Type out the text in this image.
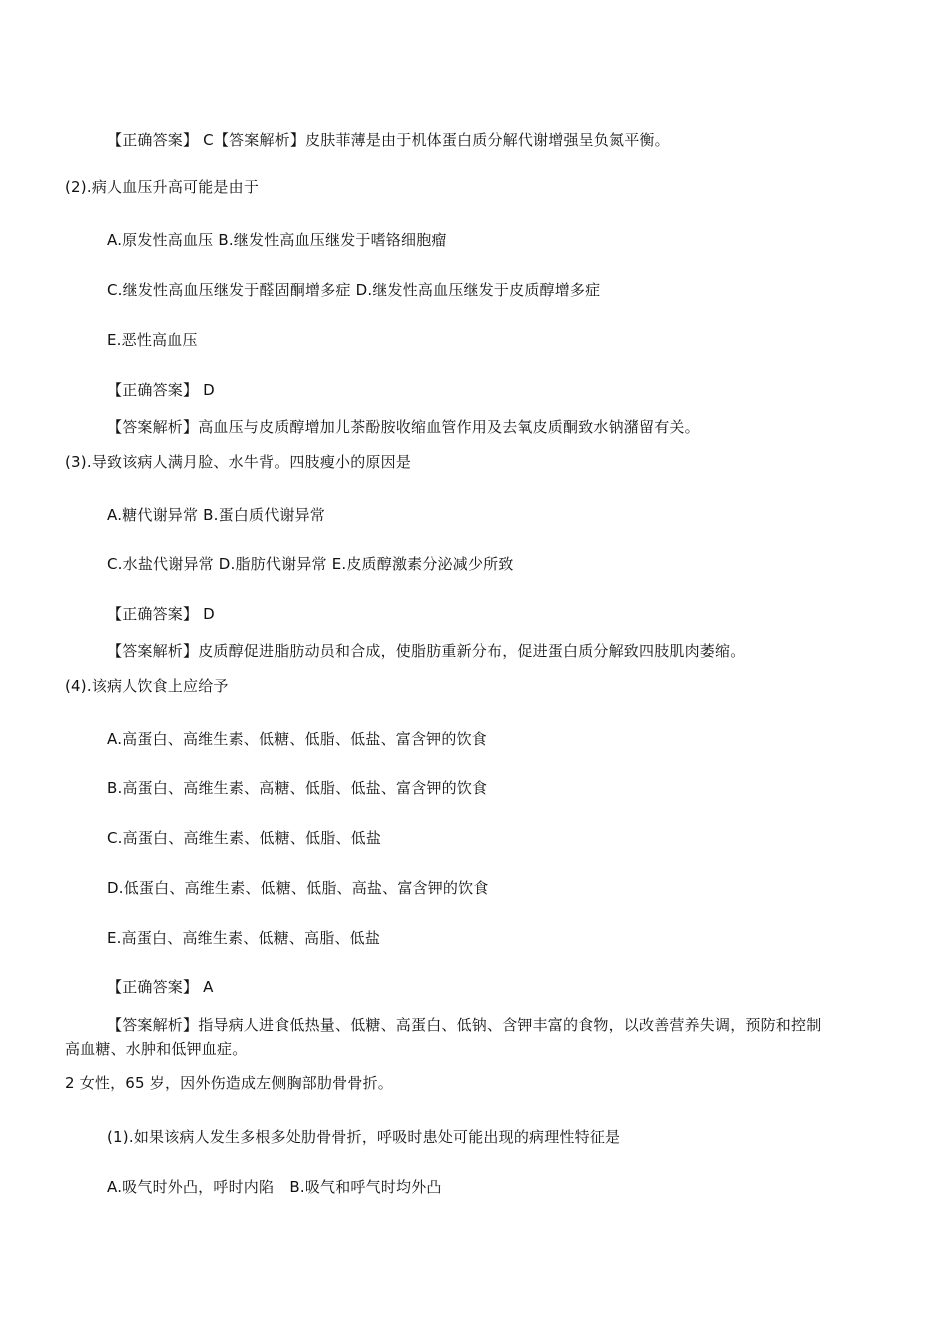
【正确答案】 C【答案解析】皮肤菲薄是由于机体蛋白质分解代谢增强呈负氮平衡。
(2).病人血压升高可能是由于
A.原发性高血压 B.继发性高血压继发于嗜铬细胞瘤
C.继发性高血压继发于醛固酮增多症 D.继发性高血压继发于皮质醇增多症
E.恶性高血压
【正确答案】 D
【答案解析】高血压与皮质醇增加儿茶酚胺收缩血管作用及去氧皮质酮致水钠潴留有关。
(3).导致该病人满月脸、水牛背。四肢瘦小的原因是
A.糖代谢异常 B.蛋白质代谢异常
C.水盐代谢异常 D.脂肪代谢异常 E.皮质醇激素分泌减少所致
【正确答案】 D
【答案解析】皮质醇促进脂肪动员和合成，使脂肪重新分布，促进蛋白质分解致四肢肌肉萎缩。
(4).该病人饮食上应给予
A.高蛋白、高维生素、低糖、低脂、低盐、富含钾的饮食
B.高蛋白、高维生素、高糖、低脂、低盐、富含钾的饮食
C.高蛋白、高维生素、低糖、低脂、低盐
D.低蛋白、高维生素、低糖、低脂、高盐、富含钾的饮食
E.高蛋白、高维生素、低糖、高脂、低盐
【正确答案】 A
【答案解析】指导病人进食低热量、低糖、高蛋白、低钠、含钾丰富的食物，以改善营养失调，预防和控制
高血糖、水肿和低钾血症。
2 女性，65 岁，因外伤造成左侧胸部肋骨骨折。
(1).如果该病人发生多根多处肋骨骨折，呼吸时患处可能出现的病理性特征是
A.吸气时外凸，呼时内陷　B.吸气和呼气时均外凸
